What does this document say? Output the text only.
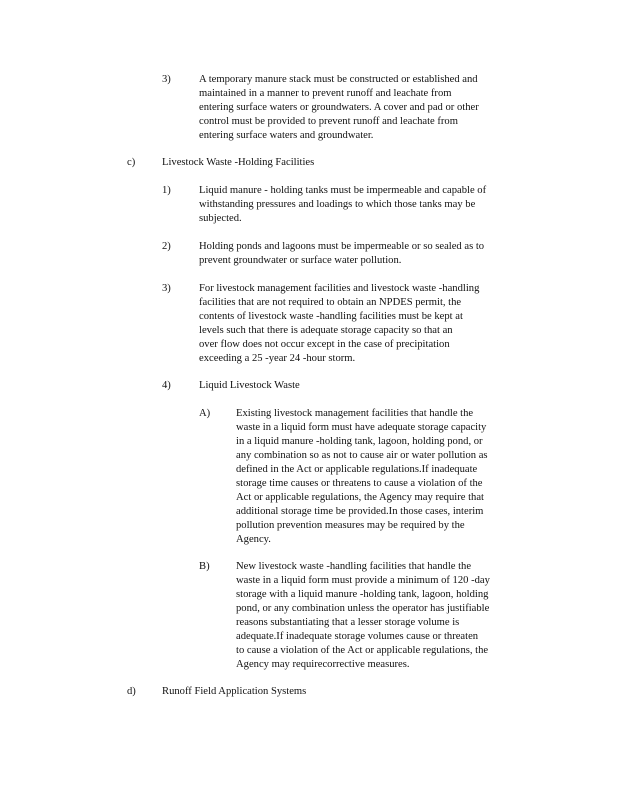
3)	A temporary manure stack must be constructed or established and
maintained in a manner to prevent runoff and leachate from
entering surface waters or groundwaters. A cover and pad or other
control must be provided to prevent runoff and leachate from
entering surface waters and groundwater.
c)	Livestock Waste -Holding Facilities
1)	Liquid manure - holding tanks must be impermeable and capable of
withstanding pressures and loadings to which those tanks may be
subjected.
2)	Holding ponds and lagoons must be impermeable or so sealed as to
prevent groundwater or surface water pollution.
3)	For livestock management facilities and livestock waste -handling
facilities that are not required to obtain an NPDES permit, the
contents of livestock waste -handling facilities must be kept at
levels such that there is adequate storage capacity so that an
over flow does not occur except in the case of precipitation
exceeding a 25 -year 24 -hour storm.
4)	Liquid Livestock Waste
A) Existing livestock management facilities that handle the
waste in a liquid form must have adequate storage capacity
in a liquid manure -holding tank, lagoon, holding pond, or
any combination so as not to cause air or water pollution as
defined in the Act or applicable regulations.If inadequate
storage time causes or threatens to cause a violation of the
Act or applicable regulations, the Agency may require that
additional storage time be provided.In those cases, interim
pollution prevention measures may be required by the
Agency.
B) New livestock waste -handling facilities that handle the
waste in a liquid form must provide a minimum of 120 -day
storage with a liquid manure -holding tank, lagoon, holding
pond, or any combination unless the operator has justifiable
reasons substantiating that a lesser storage volume is
adequate.If inadequate storage volumes cause or threaten
to cause a violation of the Act or applicable regulations, the
Agency may requirecorrective measures.
d) Runoff Field Application Systems
